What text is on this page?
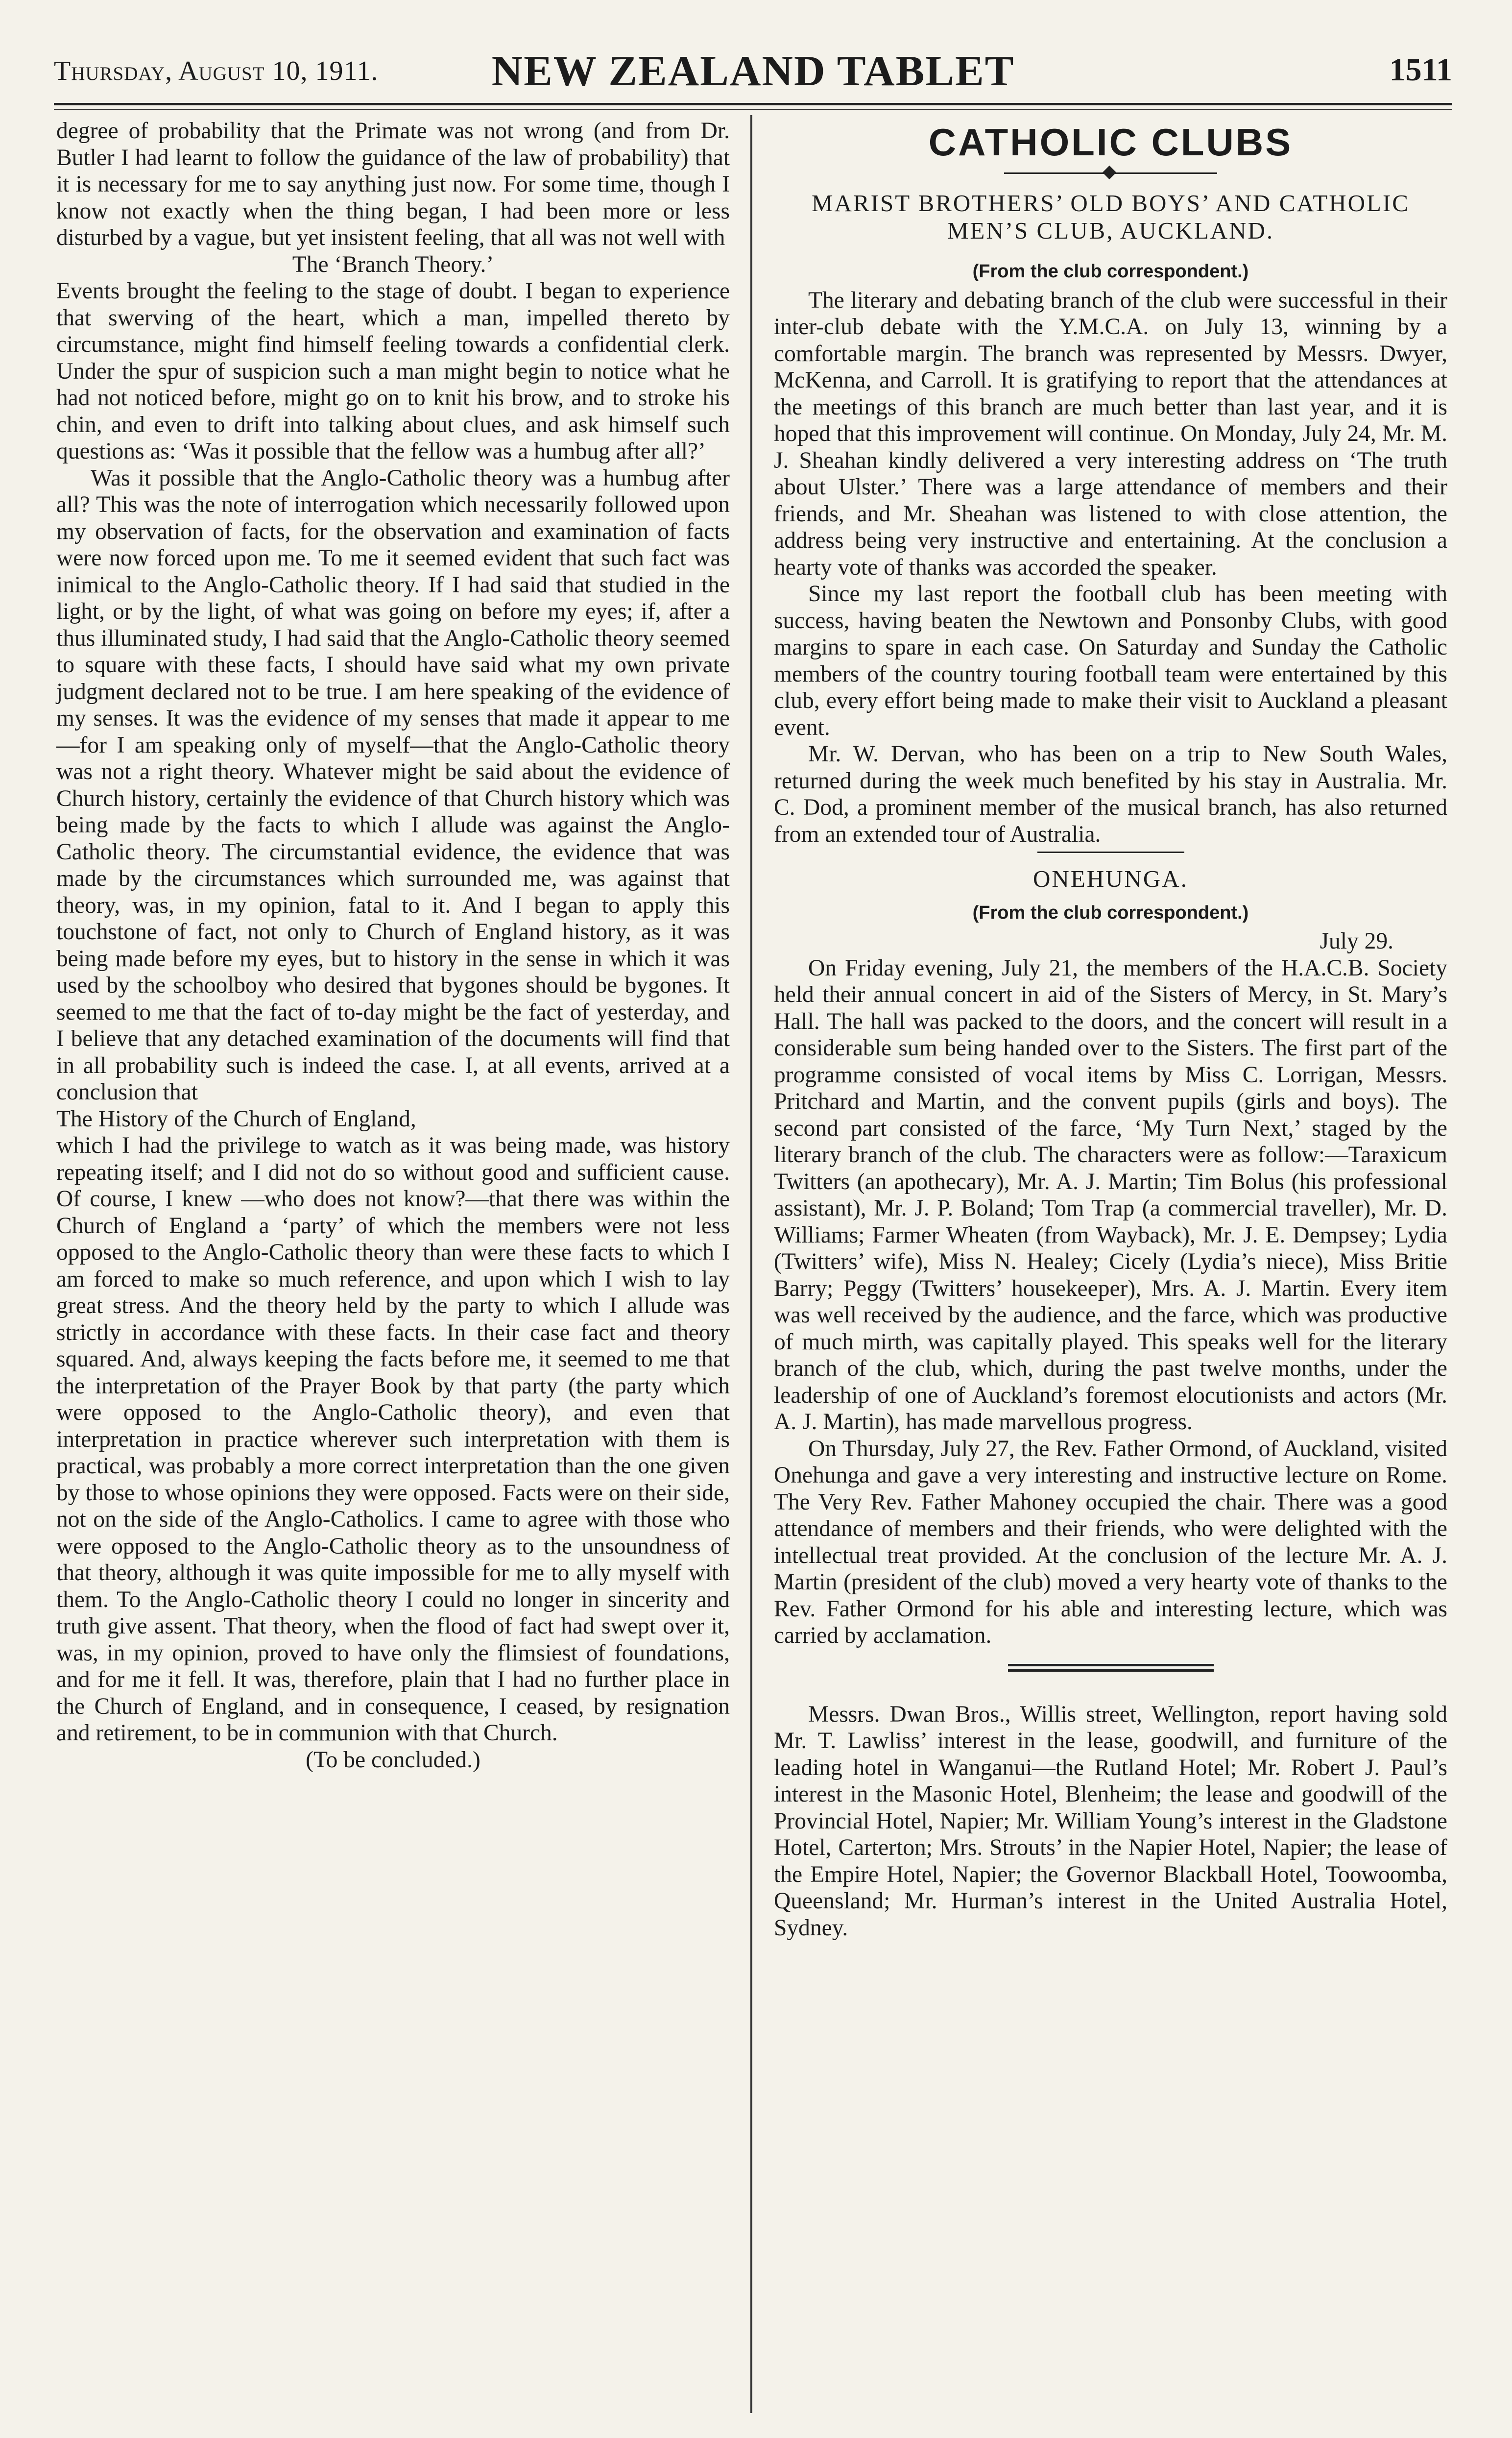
Thursday, August 10, 1911.	NEW ZEALAND TABLET	1511

degree of probability that the Primate was not wrong (and from Dr. Butler I had learnt to follow the guidance of the law of probability) that it is necessary for me to say anything just now. For some time, though I know not exactly when the thing began, I had been more or less disturbed by a vague, but yet insistent feeling, that all was not well with

The ‘Branch Theory.’

Events brought the feeling to the stage of doubt. I began to experience that swerving of the heart, which a man, impelled thereto by circumstance, might find himself feeling towards a confidential clerk. Under the spur of suspicion such a man might begin to notice what he had not noticed before, might go on to knit his brow, and to stroke his chin, and even to drift into talking about clues, and ask himself such questions as: ‘Was it possible that the fellow was a humbug after all?’

Was it possible that the Anglo-Catholic theory was a humbug after all? This was the note of interrogation which necessarily followed upon my observation of facts, for the observation and examination of facts were now forced upon me. To me it seemed evident that such fact was inimical to the Anglo-Catholic theory. If I had said that studied in the light, or by the light, of what was going on before my eyes; if, after a thus illuminated study, I had said that the Anglo-Catholic theory seemed to square with these facts, I should have said what my own private judgment declared not to be true. I am here speaking of the evidence of my senses. It was the evidence of my senses that made it appear to me—for I am speaking only of myself—that the Anglo-Catholic theory was not a right theory. Whatever might be said about the evidence of Church history, certainly the evidence of that Church history which was being made by the facts to which I allude was against the Anglo-Catholic theory. The circumstantial evidence, the evidence that was made by the circumstances which surrounded me, was against that theory, was, in my opinion, fatal to it. And I began to apply this touchstone of fact, not only to Church of England history, as it was being made before my eyes, but to history in the sense in which it was used by the schoolboy who desired that bygones should be bygones. It seemed to me that the fact of to-day might be the fact of yesterday, and I believe that any detached examination of the documents will find that in all probability such is indeed the case. I, at all events, arrived at a conclusion that

The History of the Church of England,

which I had the privilege to watch as it was being made, was history repeating itself; and I did not do so without good and sufficient cause. Of course, I knew —who does not know?—that there was within the Church of England a ‘party’ of which the members were not less opposed to the Anglo-Catholic theory than were these facts to which I am forced to make so much reference, and upon which I wish to lay great stress. And the theory held by the party to which I allude was strictly in accordance with these facts. In their case fact and theory squared. And, always keeping the facts before me, it seemed to me that the interpretation of the Prayer Book by that party (the party which were opposed to the Anglo-Catholic theory), and even that interpretation in practice wherever such interpretation with them is practical, was probably a more correct interpretation than the one given by those to whose opinions they were opposed. Facts were on their side, not on the side of the Anglo-Catholics. I came to agree with those who were opposed to the Anglo-Catholic theory as to the unsoundness of that theory, although it was quite impossible for me to ally myself with them. To the Anglo-Catholic theory I could no longer in sincerity and truth give assent. That theory, when the flood of fact had swept over it, was, in my opinion, proved to have only the flimsiest of foundations, and for me it fell. It was, therefore, plain that I had no further place in the Church of England, and in consequence, I ceased, by resignation and retirement, to be in communion with that Church.

(To be concluded.)

CATHOLIC CLUBS
MARIST BROTHERS’ OLD BOYS’ AND CATHOLIC MEN’S CLUB, AUCKLAND.
(From the club correspondent.)

The literary and debating branch of the club were successful in their inter-club debate with the Y.M.C.A. on July 13, winning by a comfortable margin. The branch was represented by Messrs. Dwyer, McKenna, and Carroll. It is gratifying to report that the attendances at the meetings of this branch are much better than last year, and it is hoped that this improvement will continue. On Monday, July 24, Mr. M. J. Sheahan kindly delivered a very interesting address on ‘The truth about Ulster.’ There was a large attendance of members and their friends, and Mr. Sheahan was listened to with close attention, the address being very instructive and entertaining. At the conclusion a hearty vote of thanks was accorded the speaker.

Since my last report the football club has been meeting with success, having beaten the Newtown and Ponsonby Clubs, with good margins to spare in each case. On Saturday and Sunday the Catholic members of the country touring football team were entertained by this club, every effort being made to make their visit to Auckland a pleasant event.

Mr. W. Dervan, who has been on a trip to New South Wales, returned during the week much benefited by his stay in Australia. Mr. C. Dod, a prominent member of the musical branch, has also returned from an extended tour of Australia.

ONEHUNGA.
(From the club correspondent.)

July 29.

On Friday evening, July 21, the members of the H.A.C.B. Society held their annual concert in aid of the Sisters of Mercy, in St. Mary’s Hall. The hall was packed to the doors, and the concert will result in a considerable sum being handed over to the Sisters. The first part of the programme consisted of vocal items by Miss C. Lorrigan, Messrs. Pritchard and Martin, and the convent pupils (girls and boys). The second part consisted of the farce, ‘My Turn Next,’ staged by the literary branch of the club. The characters were as follow:—Taraxicum Twitters (an apothecary), Mr. A. J. Martin; Tim Bolus (his professional assistant), Mr. J. P. Boland; Tom Trap (a commercial traveller), Mr. D. Williams; Farmer Wheaten (from Wayback), Mr. J. E. Dempsey; Lydia (Twitters’ wife), Miss N. Healey; Cicely (Lydia’s niece), Miss Britie Barry; Peggy (Twitters’ housekeeper), Mrs. A. J. Martin. Every item was well received by the audience, and the farce, which was productive of much mirth, was capitally played. This speaks well for the literary branch of the club, which, during the past twelve months, under the leadership of one of Auckland’s foremost elocutionists and actors (Mr. A. J. Martin), has made marvellous progress.

On Thursday, July 27, the Rev. Father Ormond, of Auckland, visited Onehunga and gave a very interesting and instructive lecture on Rome. The Very Rev. Father Mahoney occupied the chair. There was a good attendance of members and their friends, who were delighted with the intellectual treat provided. At the conclusion of the lecture Mr. A. J. Martin (president of the club) moved a very hearty vote of thanks to the Rev. Father Ormond for his able and interesting lecture, which was carried by acclamation.

Messrs. Dwan Bros., Willis street, Wellington, report having sold Mr. T. Lawliss’ interest in the lease, goodwill, and furniture of the leading hotel in Wanganui—the Rutland Hotel; Mr. Robert J. Paul’s interest in the Masonic Hotel, Blenheim; the lease and goodwill of the Provincial Hotel, Napier; Mr. William Young’s interest in the Gladstone Hotel, Carterton; Mrs. Strouts’ in the Napier Hotel, Napier; the lease of the Empire Hotel, Napier; the Governor Blackball Hotel, Toowoomba, Queensland; Mr. Hurman’s interest in the United Australia Hotel, Sydney.
